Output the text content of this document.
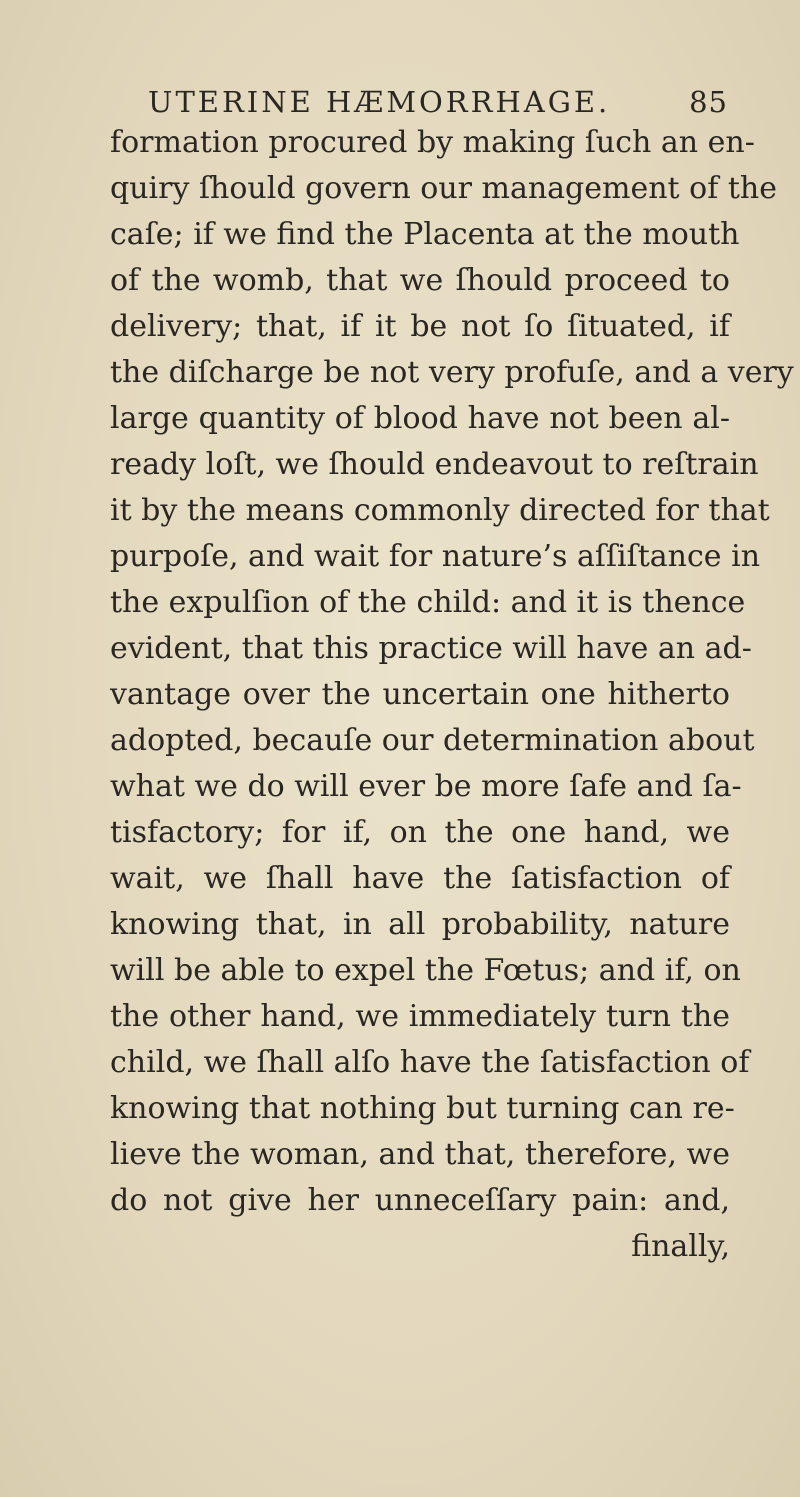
UTERINE HÆMORRHAGE.	85
formation procured by making ſuch an en-
quiry ſhould govern our management of the
caſe; if we find the Placenta at the mouth
of the womb, that we ſhould proceed to
delivery; that, if it be not ſo ſituated, if
the diſcharge be not very profuſe, and a very
large quantity of blood have not been al-
ready loſt, we ſhould endeavout to reſtrain
it by the means commonly directed for that
purpoſe, and wait for nature’s aſſiſtance in
the expulſion of the child: and it is thence
evident, that this practice will have an ad-
vantage over the uncertain one hitherto
adopted, becauſe our determination about
what we do will ever be more ſafe and ſa-
tisfactory; for if, on the one hand, we
wait, we ſhall have the ſatisfaction of
knowing that, in all probability, nature
will be able to expel the Fœtus; and if, on
the other hand, we immediately turn the
child, we ſhall alſo have the ſatisfaction of
knowing that nothing but turning can re-
lieve the woman, and that, therefore, we
do not give her unneceſſary pain: and,
finally,
